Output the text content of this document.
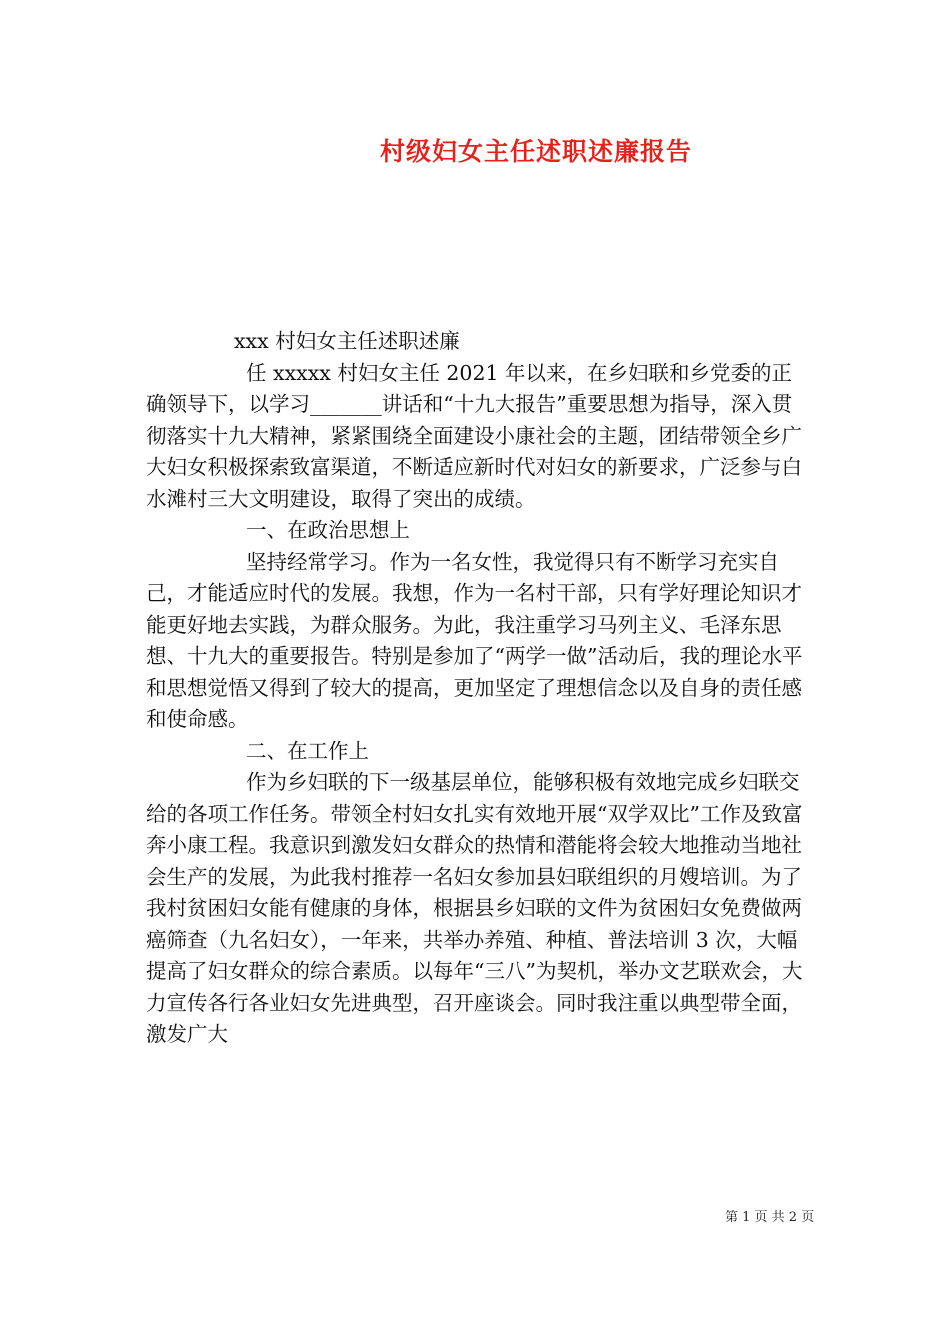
村级妇女主任述职述廉报告

xxx 村妇女主任述职述廉

任 xxxxx 村妇女主任 2021 年以来，在乡妇联和乡党委的正确领导下，以学习_______讲话和“十九大报告”重要思想为指导，深入贯彻落实十九大精神，紧紧围绕全面建设小康社会的主题，团结带领全乡广大妇女积极探索致富渠道，不断适应新时代对妇女的新要求，广泛参与白水滩村三大文明建设，取得了突出的成绩。

一、在政治思想上

坚持经常学习。作为一名女性，我觉得只有不断学习充实自己，才能适应时代的发展。我想，作为一名村干部，只有学好理论知识才能更好地去实践，为群众服务。为此，我注重学习马列主义、毛泽东思想、十九大的重要报告。特别是参加了“两学一做”活动后，我的理论水平和思想觉悟又得到了较大的提高，更加坚定了理想信念以及自身的责任感和使命感。

二、在工作上

作为乡妇联的下一级基层单位，能够积极有效地完成乡妇联交给的各项工作任务。带领全村妇女扎实有效地开展“双学双比”工作及致富奔小康工程。我意识到激发妇女群众的热情和潜能将会较大地推动当地社会生产的发展，为此我村推荐一名妇女参加县妇联组织的月嫂培训。为了我村贫困妇女能有健康的身体，根据县乡妇联的文件为贫困妇女免费做两癌筛查（九名妇女），一年来，共举办养殖、种植、普法培训 3 次，大幅提高了妇女群众的综合素质。以每年“三八”为契机，举办文艺联欢会，大力宣传各行各业妇女先进典型，召开座谈会。同时我注重以典型带全面，激发广大

第 1 页 共 2 页
